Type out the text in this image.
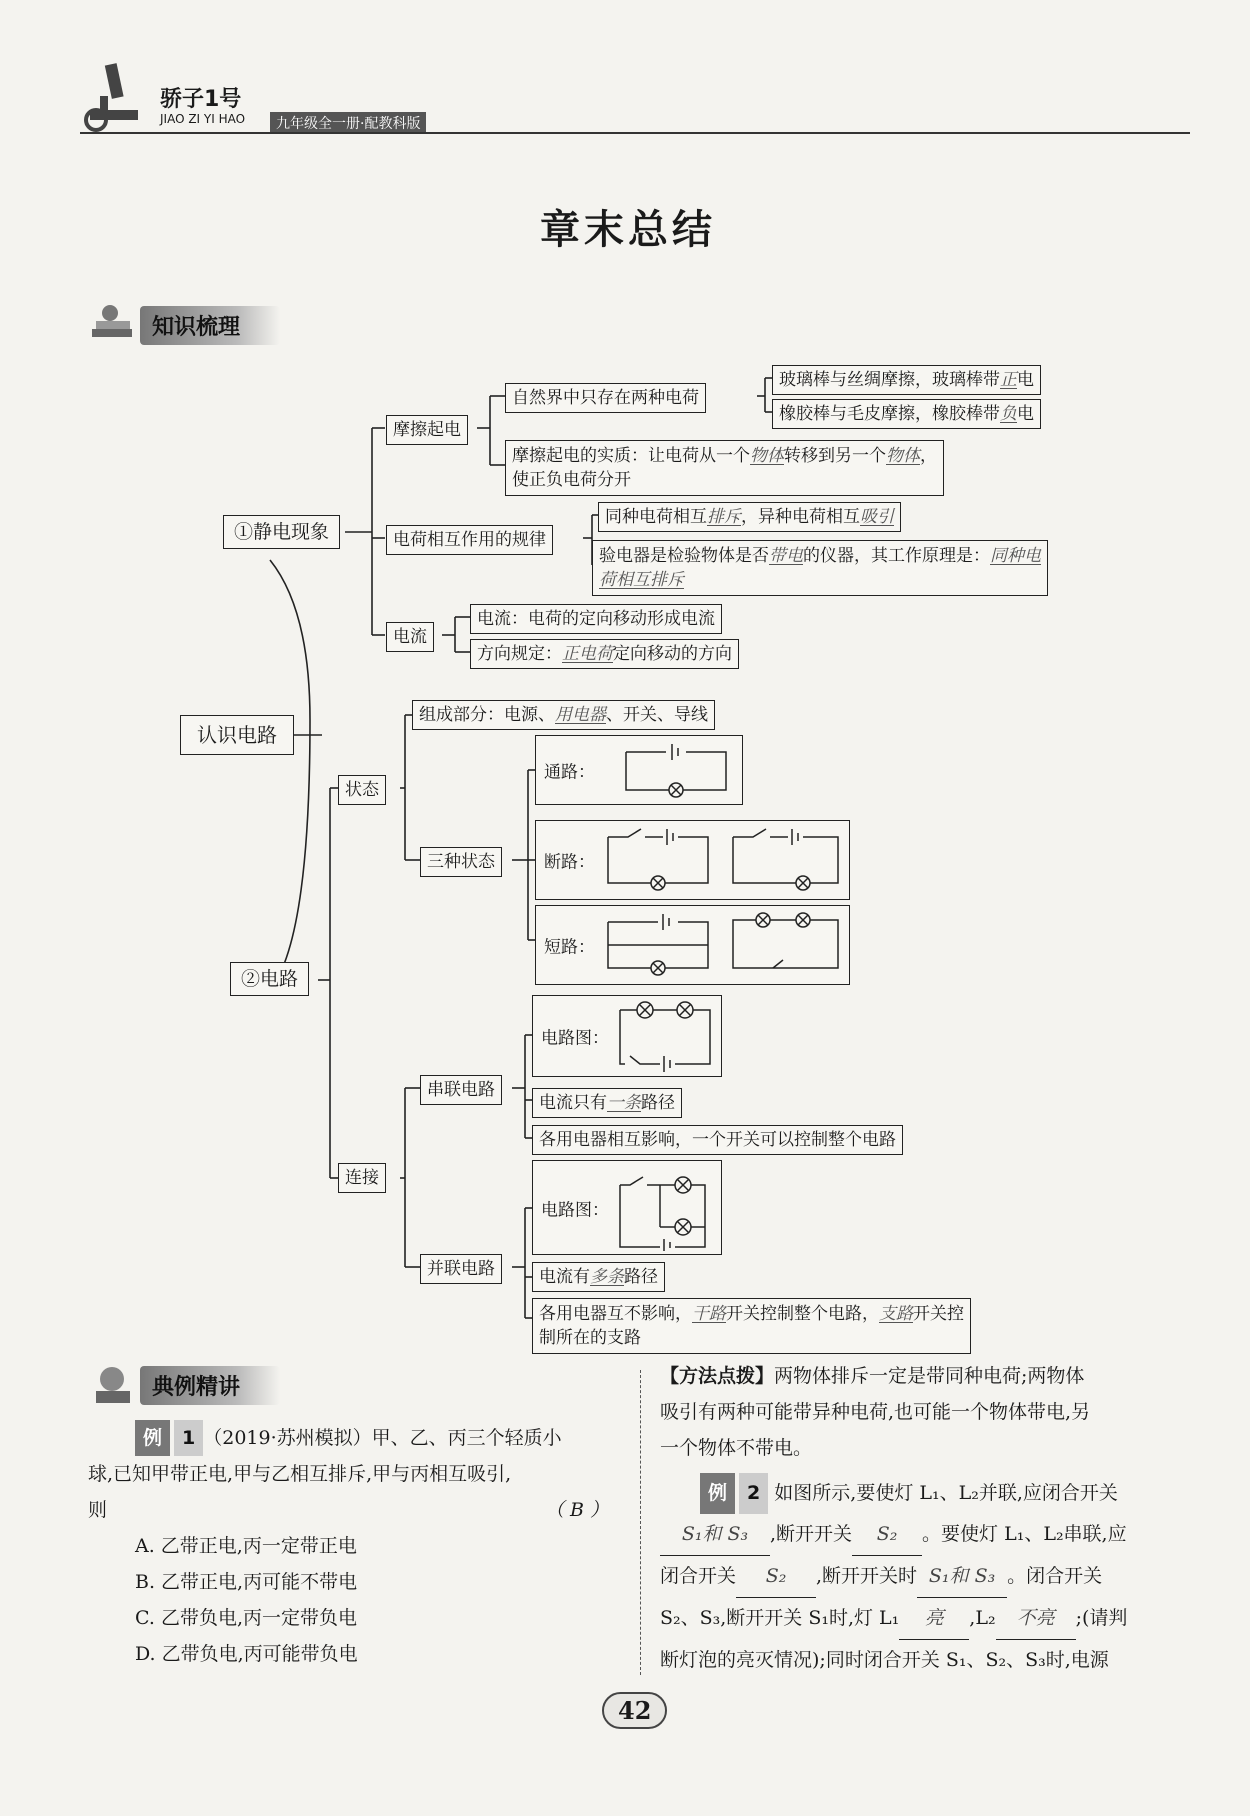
骄子1号
JIAO ZI YI HAO	九年级全一册·配教科版
章末总结
知识梳理
认识电路
①静电现象
②电路
摩擦起电
自然界中只存在两种电荷
玻璃棒与丝绸摩擦，玻璃棒带正电
橡胶棒与毛皮摩擦，橡胶棒带负电
摩擦起电的实质：让电荷从一个物体转移到另一个物体，
使正负电荷分开
电荷相互作用的规律
同种电荷相互排斥，异种电荷相互吸引
验电器是检验物体是否带电的仪器，其工作原理是：同种电
荷相互排斥
电流
电流：电荷的定向移动形成电流
方向规定：正电荷定向移动的方向
组成部分：电源、用电器、开关、导线
状态
三种状态
通路：
断路：
短路：
连接
串联电路
并联电路
电路图：
电流只有一条路径
各用电器相互影响，一个开关可以控制整个电路
电路图：
电流有多条路径
各用电器互不影响，干路开关控制整个电路，支路开关控
制所在的支路
典例精讲
例 1 （2019·苏州模拟）甲、乙、丙三个轻质小
球,已知甲带正电,甲与乙相互排斥,甲与丙相互吸引,
则	（ B ）
A. 乙带正电,丙一定带正电
B. 乙带正电,丙可能不带电
C. 乙带负电,丙一定带负电
D. 乙带负电,丙可能带负电
【方法点拨】两物体排斥一定是带同种电荷;两物体
吸引有两种可能带异种电荷,也可能一个物体带电,另
一个物体不带电。
例 2 如图所示,要使灯 L₁、L₂并联,应闭合开关
S₁和 S₃ ,断开开关 S₂ 。要使灯 L₁、L₂串联,应
闭合开关 S₂ ,断开开关时 S₁和 S₃ 。闭合开关
S₂、S₃,断开开关 S₁时,灯 L₁ 亮 ,L₂ 不亮 ;(请判
断灯泡的亮灭情况);同时闭合开关 S₁、S₂、S₃时,电源
42
